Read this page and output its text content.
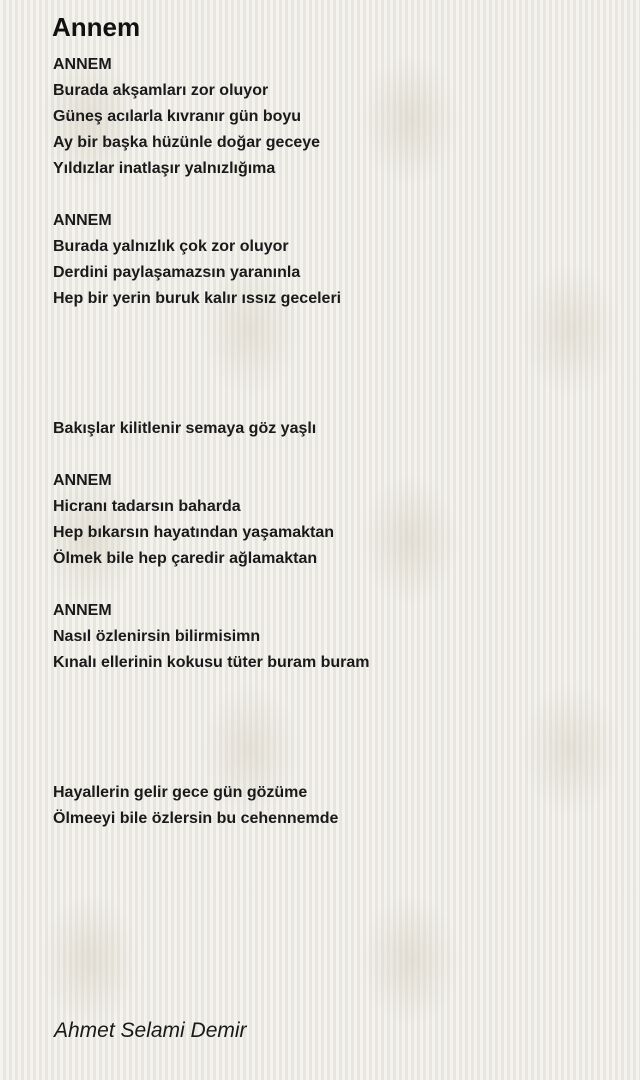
Annem
ANNEM
Burada akşamları zor oluyor
Güneş acılarla kıvranır gün boyu
Ay bir başka hüzünle doğar geceye
Yıldızlar inatlaşır yalnızlığıma
ANNEM
Burada yalnızlık çok zor oluyor
Derdini paylaşamazsın yaranınla
Hep bir yerin buruk kalır ıssız geceleri
Bakışlar kilitlenir semaya göz yaşlı
ANNEM
Hicranı tadarsın baharda
Hep bıkarsın hayatından yaşamaktan
Ölmek bile hep çaredir ağlamaktan
ANNEM
Nasıl özlenirsin bilirmisimn
Kınalı ellerinin kokusu tüter buram buram
Hayallerin gelir gece gün gözüme
Ölmeeyi bile özlersin bu cehennemde
Ahmet Selami Demir
